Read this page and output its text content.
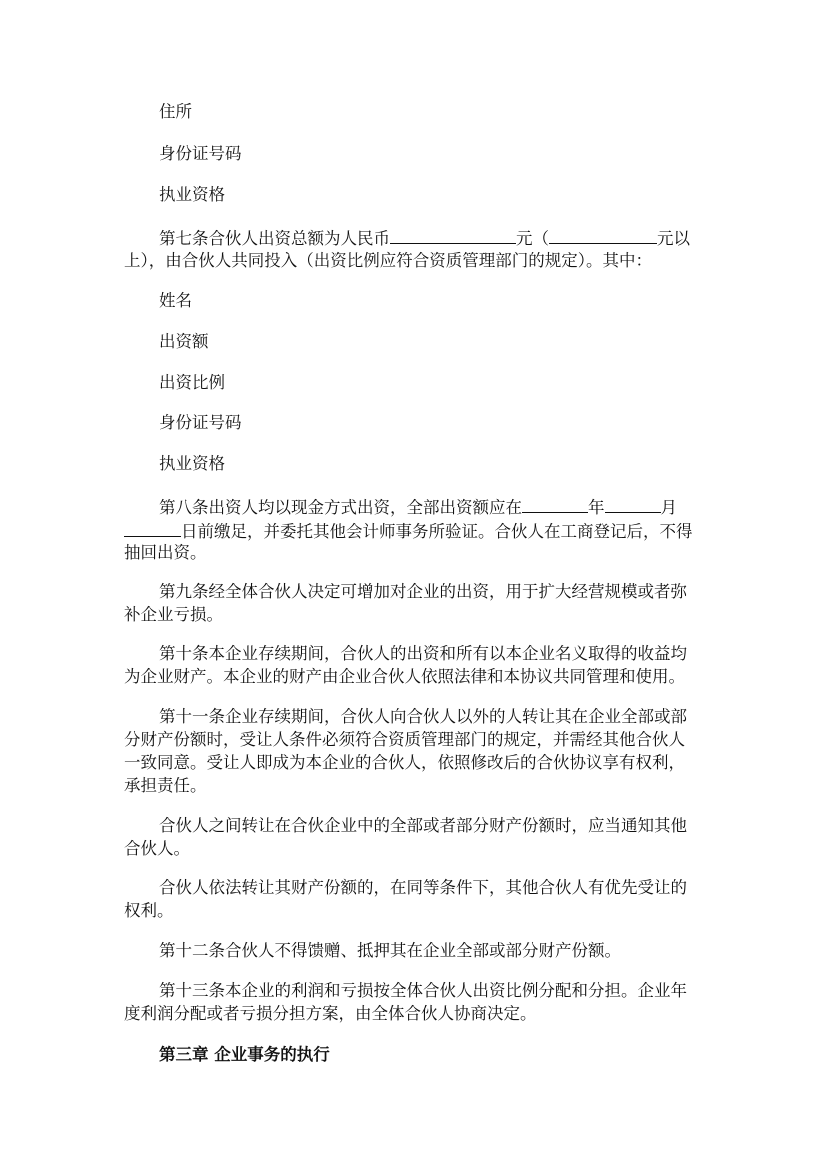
住所
身份证号码
执业资格
第七条合伙人出资总额为人民币	元（	元以
上），由合伙人共同投入（出资比例应符合资质管理部门的规定）。其中：
姓名
出资额
出资比例
身份证号码
执业资格
第八条出资人均以现金方式出资，全部出资额应在	年	月
日前缴足，并委托其他会计师事务所验证。合伙人在工商登记后，不得
抽回出资。
第九条经全体合伙人决定可增加对企业的出资，用于扩大经营规模或者弥
补企业亏损。
第十条本企业存续期间，合伙人的出资和所有以本企业名义取得的收益均
为企业财产。本企业的财产由企业合伙人依照法律和本协议共同管理和使用。
第十一条企业存续期间，合伙人向合伙人以外的人转让其在企业全部或部
分财产份额时，受让人条件必须符合资质管理部门的规定，并需经其他合伙人
一致同意。受让人即成为本企业的合伙人，依照修改后的合伙协议享有权利，
承担责任。
合伙人之间转让在合伙企业中的全部或者部分财产份额时，应当通知其他
合伙人。
合伙人依法转让其财产份额的，在同等条件下，其他合伙人有优先受让的
权利。
第十二条合伙人不得馈赠、抵押其在企业全部或部分财产份额。
第十三条本企业的利润和亏损按全体合伙人出资比例分配和分担。企业年
度利润分配或者亏损分担方案，由全体合伙人协商决定。
第三章 企业事务的执行
